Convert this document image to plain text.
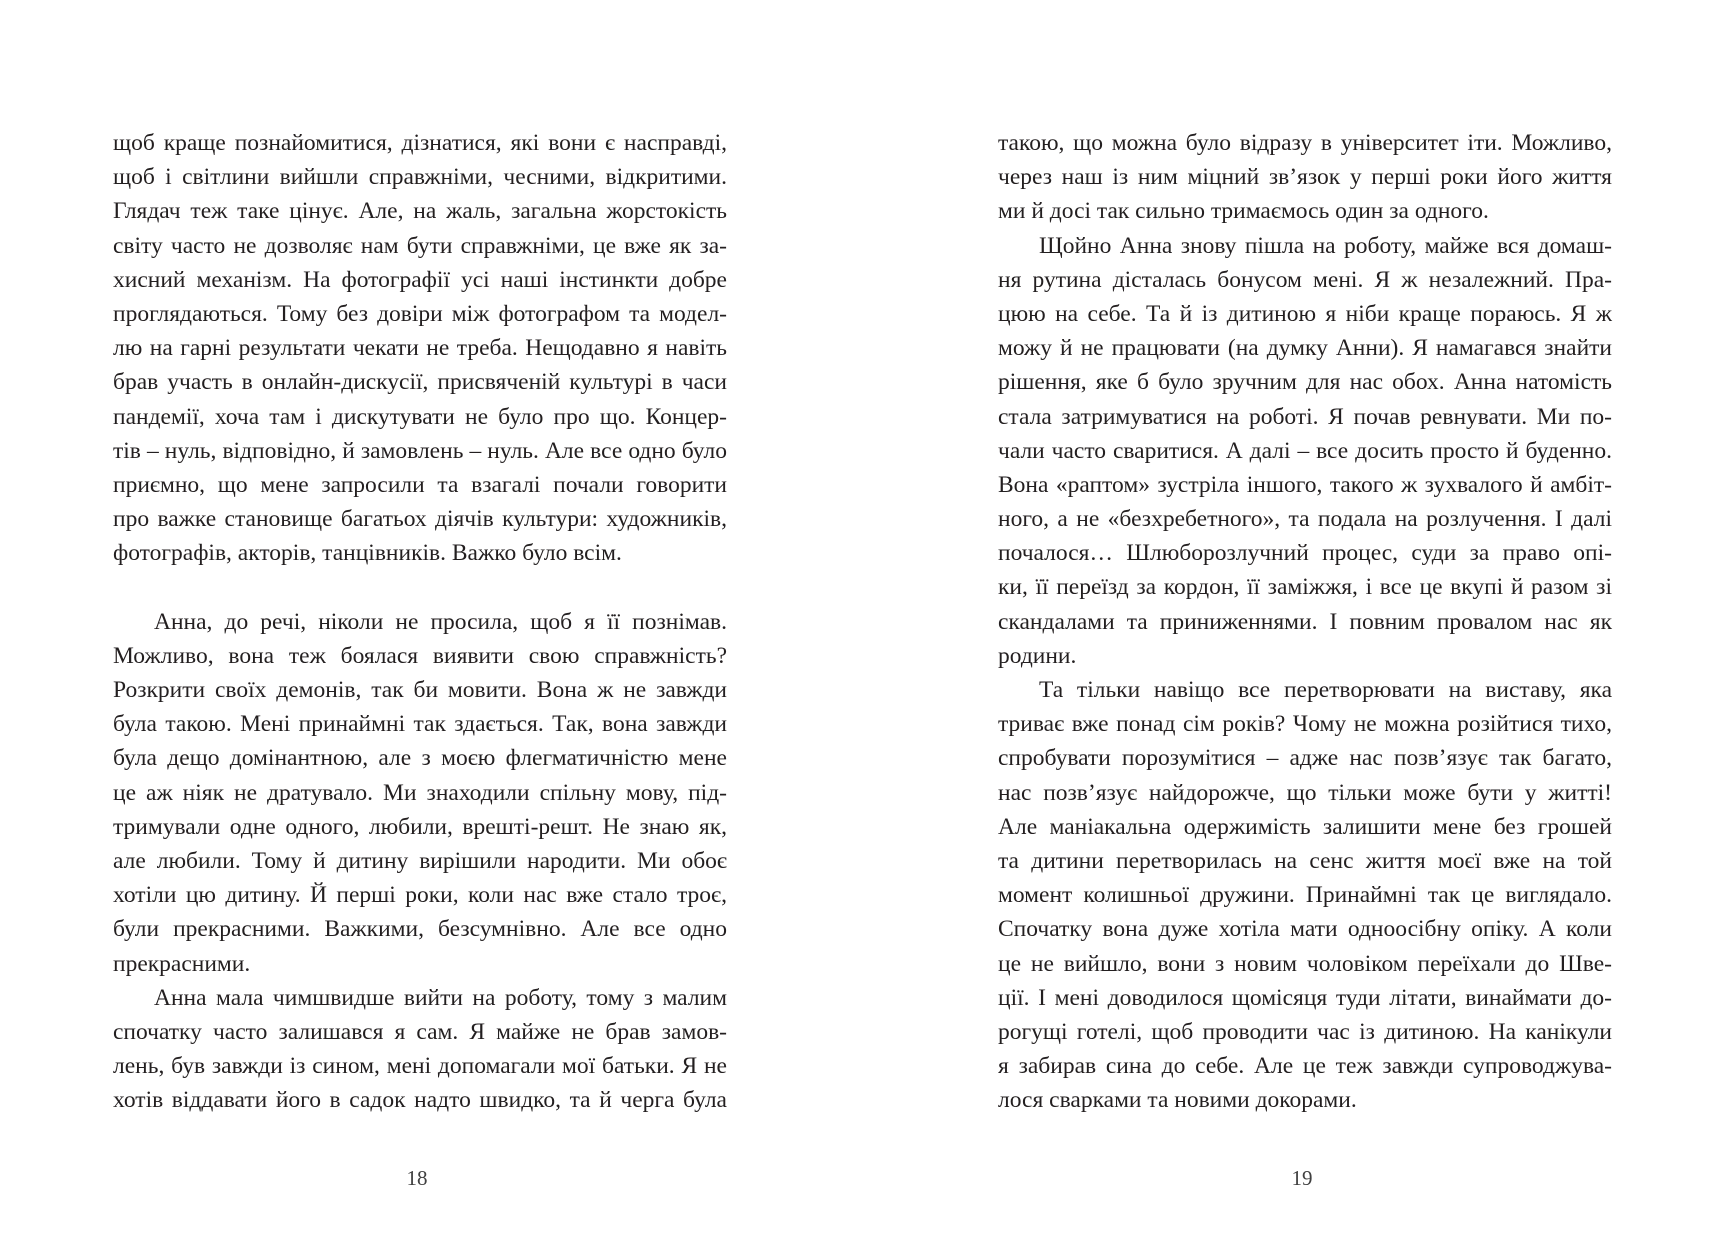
щоб краще познайомитися, дізнатися, які вони є насправді,
щоб і світлини вийшли справжніми, чесними, відкритими.
Глядач теж таке цінує. Але, на жаль, загальна жорстокість
світу часто не дозволяє нам бути справжніми, це вже як за-
хисний механізм. На фотографії усі наші інстинкти добре
проглядаються. Тому без довіри між фотографом та модел-
лю на гарні результати чекати не треба. Нещодавно я навіть
брав участь в онлайн-дискусії, присвяченій культурі в часи
пандемії, хоча там і дискутувати не було про що. Концер-
тів – нуль, відповідно, й замовлень – нуль. Але все одно було
приємно, що мене запросили та взагалі почали говорити
про важке становище багатьох діячів культури: художників,
фотографів, акторів, танцівників. Важко було всім.
Анна, до речі, ніколи не просила, щоб я її познімав.
Можливо, вона теж боялася виявити свою справжність?
Розкрити своїх демонів, так би мовити. Вона ж не завжди
була такою. Мені принаймні так здається. Так, вона завжди
була дещо домінантною, але з моєю флегматичністю мене
це аж ніяк не дратувало. Ми знаходили спільну мову, під-
тримували одне одного, любили, врешті-решт. Не знаю як,
але любили. Тому й дитину вирішили народити. Ми обоє
хотіли цю дитину. Й перші роки, коли нас вже стало троє,
були прекрасними. Важкими, безсумнівно. Але все одно
прекрасними.
Анна мала чимшвидше вийти на роботу, тому з малим
спочатку часто залишався я сам. Я майже не брав замов-
лень, був завжди із сином, мені допомагали мої батьки. Я не
хотів віддавати його в садок надто швидко, та й черга була
такою, що можна було відразу в університет іти. Можливо,
через наш із ним міцний зв’язок у перші роки його життя
ми й досі так сильно тримаємось один за одного.
Щойно Анна знову пішла на роботу, майже вся домаш-
ня рутина дісталась бонусом мені. Я ж незалежний. Пра-
цюю на себе. Та й із дитиною я ніби краще пораюсь. Я ж
можу й не працювати (на думку Анни). Я намагався знайти
рішення, яке б було зручним для нас обох. Анна натомість
стала затримуватися на роботі. Я почав ревнувати. Ми по-
чали часто сваритися. А далі – все досить просто й буденно.
Вона «раптом» зустріла іншого, такого ж зухвалого й амбіт-
ного, а не «безхребетного», та подала на розлучення. І далі
почалося… Шлюборозлучний процес, суди за право опі-
ки, її переїзд за кордон, її заміжжя, і все це вкупі й разом зі
скандалами та приниженнями. І повним провалом нас як
родини.
Та тільки навіщо все перетворювати на виставу, яка
триває вже понад сім років? Чому не можна розійтися тихо,
спробувати порозумітися – адже нас позв’язує так багато,
нас позв’язує найдорожче, що тільки може бути у житті!
Але маніакальна одержимість залишити мене без грошей
та дитини перетворилась на сенс життя моєї вже на той
момент колишньої дружини. Принаймні так це виглядало.
Спочатку вона дуже хотіла мати одноосібну опіку. А коли
це не вийшло, вони з новим чоловіком переїхали до Шве-
ції. І мені доводилося щомісяця туди літати, винаймати до-
рогущі готелі, щоб проводити час із дитиною. На канікули
я забирав сина до себе. Але це теж завжди супроводжува-
лося сварками та новими докорами.
18	19
